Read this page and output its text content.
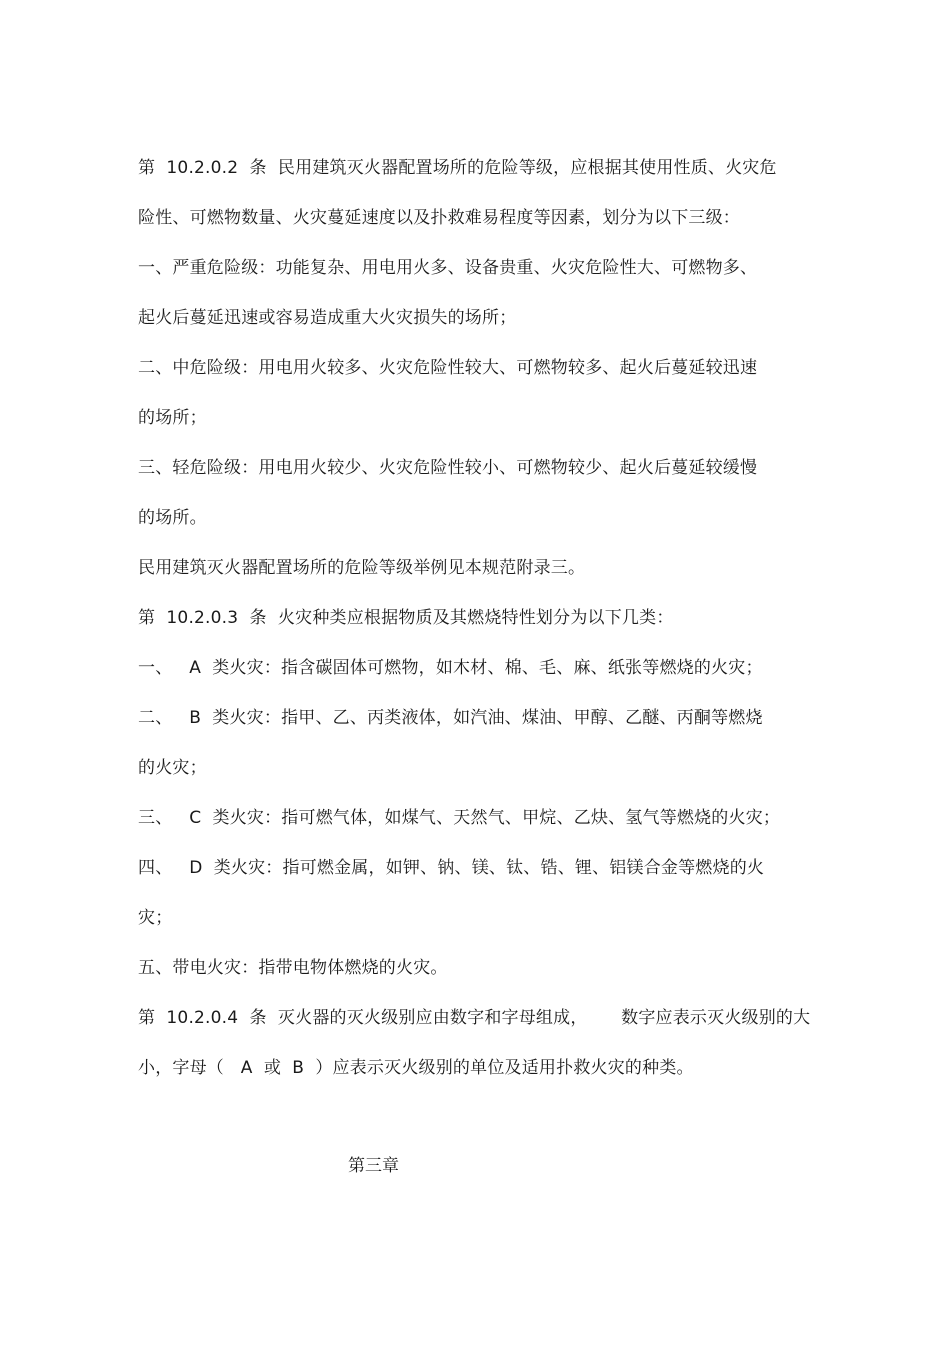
第  10.2.0.2  条  民用建筑灭火器配置场所的危险等级，应根据其使用性质、火灾危
险性、可燃物数量、火灾蔓延速度以及扑救难易程度等因素，划分为以下三级：
一、严重危险级：功能复杂、用电用火多、设备贵重、火灾危险性大、可燃物多、
起火后蔓延迅速或容易造成重大火灾损失的场所；
二、中危险级：用电用火较多、火灾危险性较大、可燃物较多、起火后蔓延较迅速
的场所；
三、轻危险级：用电用火较少、火灾危险性较小、可燃物较少、起火后蔓延较缓慢
的场所。
民用建筑灭火器配置场所的危险等级举例见本规范附录三。
第  10.2.0.3  条  火灾种类应根据物质及其燃烧特性划分为以下几类：
一、   A  类火灾：指含碳固体可燃物，如木材、棉、毛、麻、纸张等燃烧的火灾；
二、   B  类火灾：指甲、乙、丙类液体，如汽油、煤油、甲醇、乙醚、丙酮等燃烧
的火灾；
三、   C  类火灾：指可燃气体，如煤气、天然气、甲烷、乙炔、氢气等燃烧的火灾；
四、   D  类火灾：指可燃金属，如钾、钠、镁、钛、锆、锂、铝镁合金等燃烧的火
灾；
五、带电火灾：指带电物体燃烧的火灾。
第  10.2.0.4  条  灭火器的灭火级别应由数字和字母组成，      数字应表示灭火级别的大
小，字母（   A  或  B  ）应表示灭火级别的单位及适用扑救火灾的种类。
第三章
